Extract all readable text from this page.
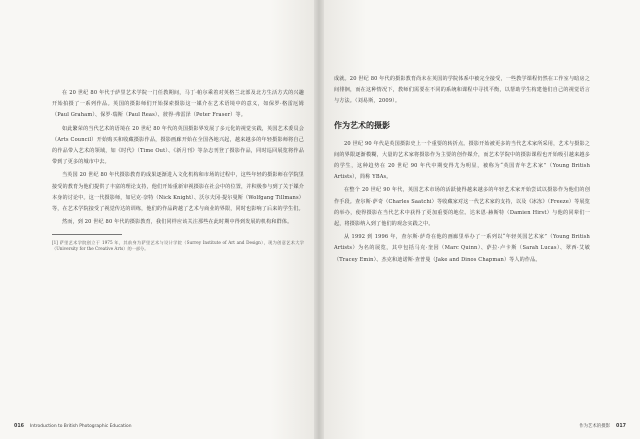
在 20 世纪 80 年代于萨里艺术学院一门任教期间，马丁·帕尔乘着对英格兰北部及北方生活方式的兴趣开始拍摄了一系列作品。英国的摄影师们开始探索摄影这一媒介在艺术语境中的意义，如保罗·格雷厄姆（Paul Graham）、保罗·瑞斯（Paul Reas）、彼得·弗雷泽（Peter Fraser）等。

如此繁荣的当代艺术的语境在 20 世纪 80 年代的英国摄影界发展了多元化的视觉实践，英国艺术委员会（Arts Council）开始购买和收藏摄影作品，摄影画廊开始在全国各地兴起，越来越多的年轻摄影师将自己的作品带入艺术的领域，如《时代》（Time Out）、《新月刊》等杂志刊登了摄影作品，同时巡回展览将作品带到了更多的城市中去。

当英国 20 世纪 80 年代摄影教育的成果逐渐进入文化机构和市场的过程中，这些年轻的摄影师在学院里接受的教育为他们提供了丰富的理论支持，他们开始重新审视摄影在社会中的位置，并积极参与到了关于媒介本身的讨论中。这一代摄影师，如尼克·奈特（Nick Knight）、沃尔夫冈·提尔曼斯（Wolfgang Tillmans）等，在艺术学院接受了视觉传达的训练，他们的作品跨越了艺术与商业的界限，同时也影响了后来的学生们。

然而，到 20 世纪 80 年代的摄影教育，我们同样应该关注那些在此时期中得到发展的机构和群体。

[1] 萨里艺术学院创立于 1975 年，其前身为萨里艺术与设计学院（Surrey Institute of Art and Design），现为创意艺术大学（University for the Creative Arts）的一部分。

016 Introduction to British Photographic Education

成就。20 世纪 80 年代的摄影教育尚未在英国的学院体系中被完全接受，一些教学课程仍然在工作室与暗房之间徘徊，而在这种情况下，教师们需要在不同的系统和课程中寻找平衡，以帮助学生构建他们自己的视觉语言与方法。（刘易斯，2009）。

作为艺术的摄影

20 世纪 90 年代是英国摄影史上一个重要的转折点。摄影开始被更多的当代艺术家所采用，艺术与摄影之间的界限逐渐模糊，大量的艺术家将摄影作为主要的创作媒介，而艺术学院中的摄影课程也开始吸引越来越多的学生，这种趋势在 20 世纪 90 年代中期变得尤为明显，被称为“英国青年艺术家”（Young British Artists），简称 YBAs。

在整个 20 世纪 90 年代，英国艺术市场的活跃使得越来越多的年轻艺术家开始尝试以摄影作为他们的创作手段。查尔斯·萨奇（Charles Saatchi）等收藏家对这一代艺术家的支持，以及《冰冻》（Freeze）等展览的举办，使得摄影在当代艺术中获得了更加重要的地位。达米恩·赫斯特（Damien Hirst）与他的同辈们一起，将摄影纳入到了他们的观念实践之中。

从 1992 到 1996 年，查尔斯·萨奇在他的画廊里举办了一系列以“年轻英国艺术家”（Young British Artists）为名的展览，其中包括马克·奎因（Marc Quinn）、萨拉·卢卡斯（Sarah Lucas）、翠西·艾敏（Tracey Emin）、杰克和迪诺斯·查普曼（Jake and Dinos Chapman）等人的作品。

作为艺术的摄影 017
